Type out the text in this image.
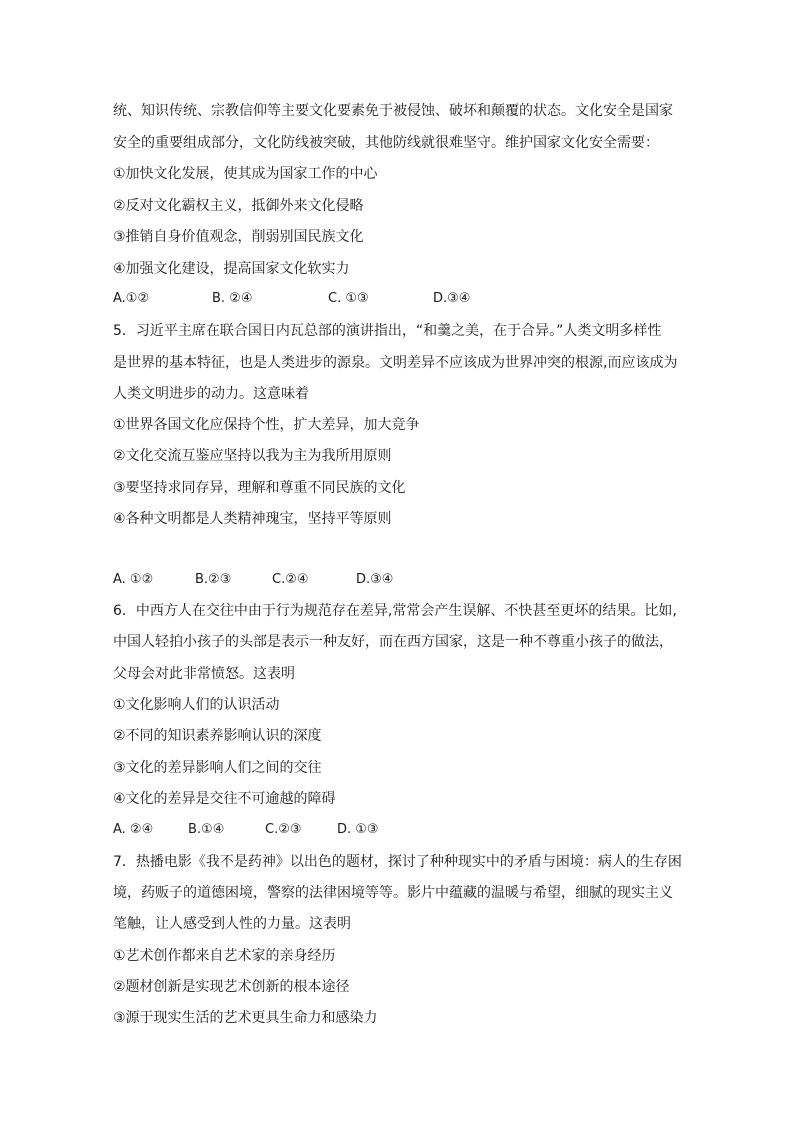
统、知识传统、宗教信仰等主要文化要素免于被侵蚀、破坏和颠覆的状态。文化安全是国家
安全的重要组成部分，文化防线被突破，其他防线就很难坚守。维护国家文化安全需要：
①加快文化发展，使其成为国家工作的中心
②反对文化霸权主义，抵御外来文化侵略
③推销自身价值观念，削弱别国民族文化
④加强文化建设，提高国家文化软实力
A.①②	B. ②④	C. ①③	D.③④
5．习近平主席在联合国日内瓦总部的演讲指出，“和羹之美，在于合异。”人类文明多样性
是世界的基本特征，也是人类进步的源泉。文明差异不应该成为世界冲突的根源,而应该成为
人类文明进步的动力。这意味着
①世界各国文化应保持个性，扩大差异，加大竞争
②文化交流互鉴应坚持以我为主为我所用原则
③要坚持求同存异，理解和尊重不同民族的文化
④各种文明都是人类精神瑰宝，坚持平等原则
A. ①②	B.②③	C.②④	D.③④
6．中西方人在交往中由于行为规范存在差异,常常会产生误解、不快甚至更坏的结果。比如,
中国人轻拍小孩子的头部是表示一种友好，而在西方国家，这是一种不尊重小孩子的做法，
父母会对此非常愤怒。这表明
①文化影响人们的认识活动
②不同的知识素养影响认识的深度
③文化的差异影响人们之间的交往
④文化的差异是交往不可逾越的障碍
A. ②④	B.①④	C.②③	D. ①③
7．热播电影《我不是药神》以出色的题材，探讨了种种现实中的矛盾与困境：病人的生存困
境，药贩子的道德困境，警察的法律困境等等。影片中蕴藏的温暖与希望，细腻的现实主义
笔触，让人感受到人性的力量。这表明
①艺术创作都来自艺术家的亲身经历
②题材创新是实现艺术创新的根本途径
③源于现实生活的艺术更具生命力和感染力
